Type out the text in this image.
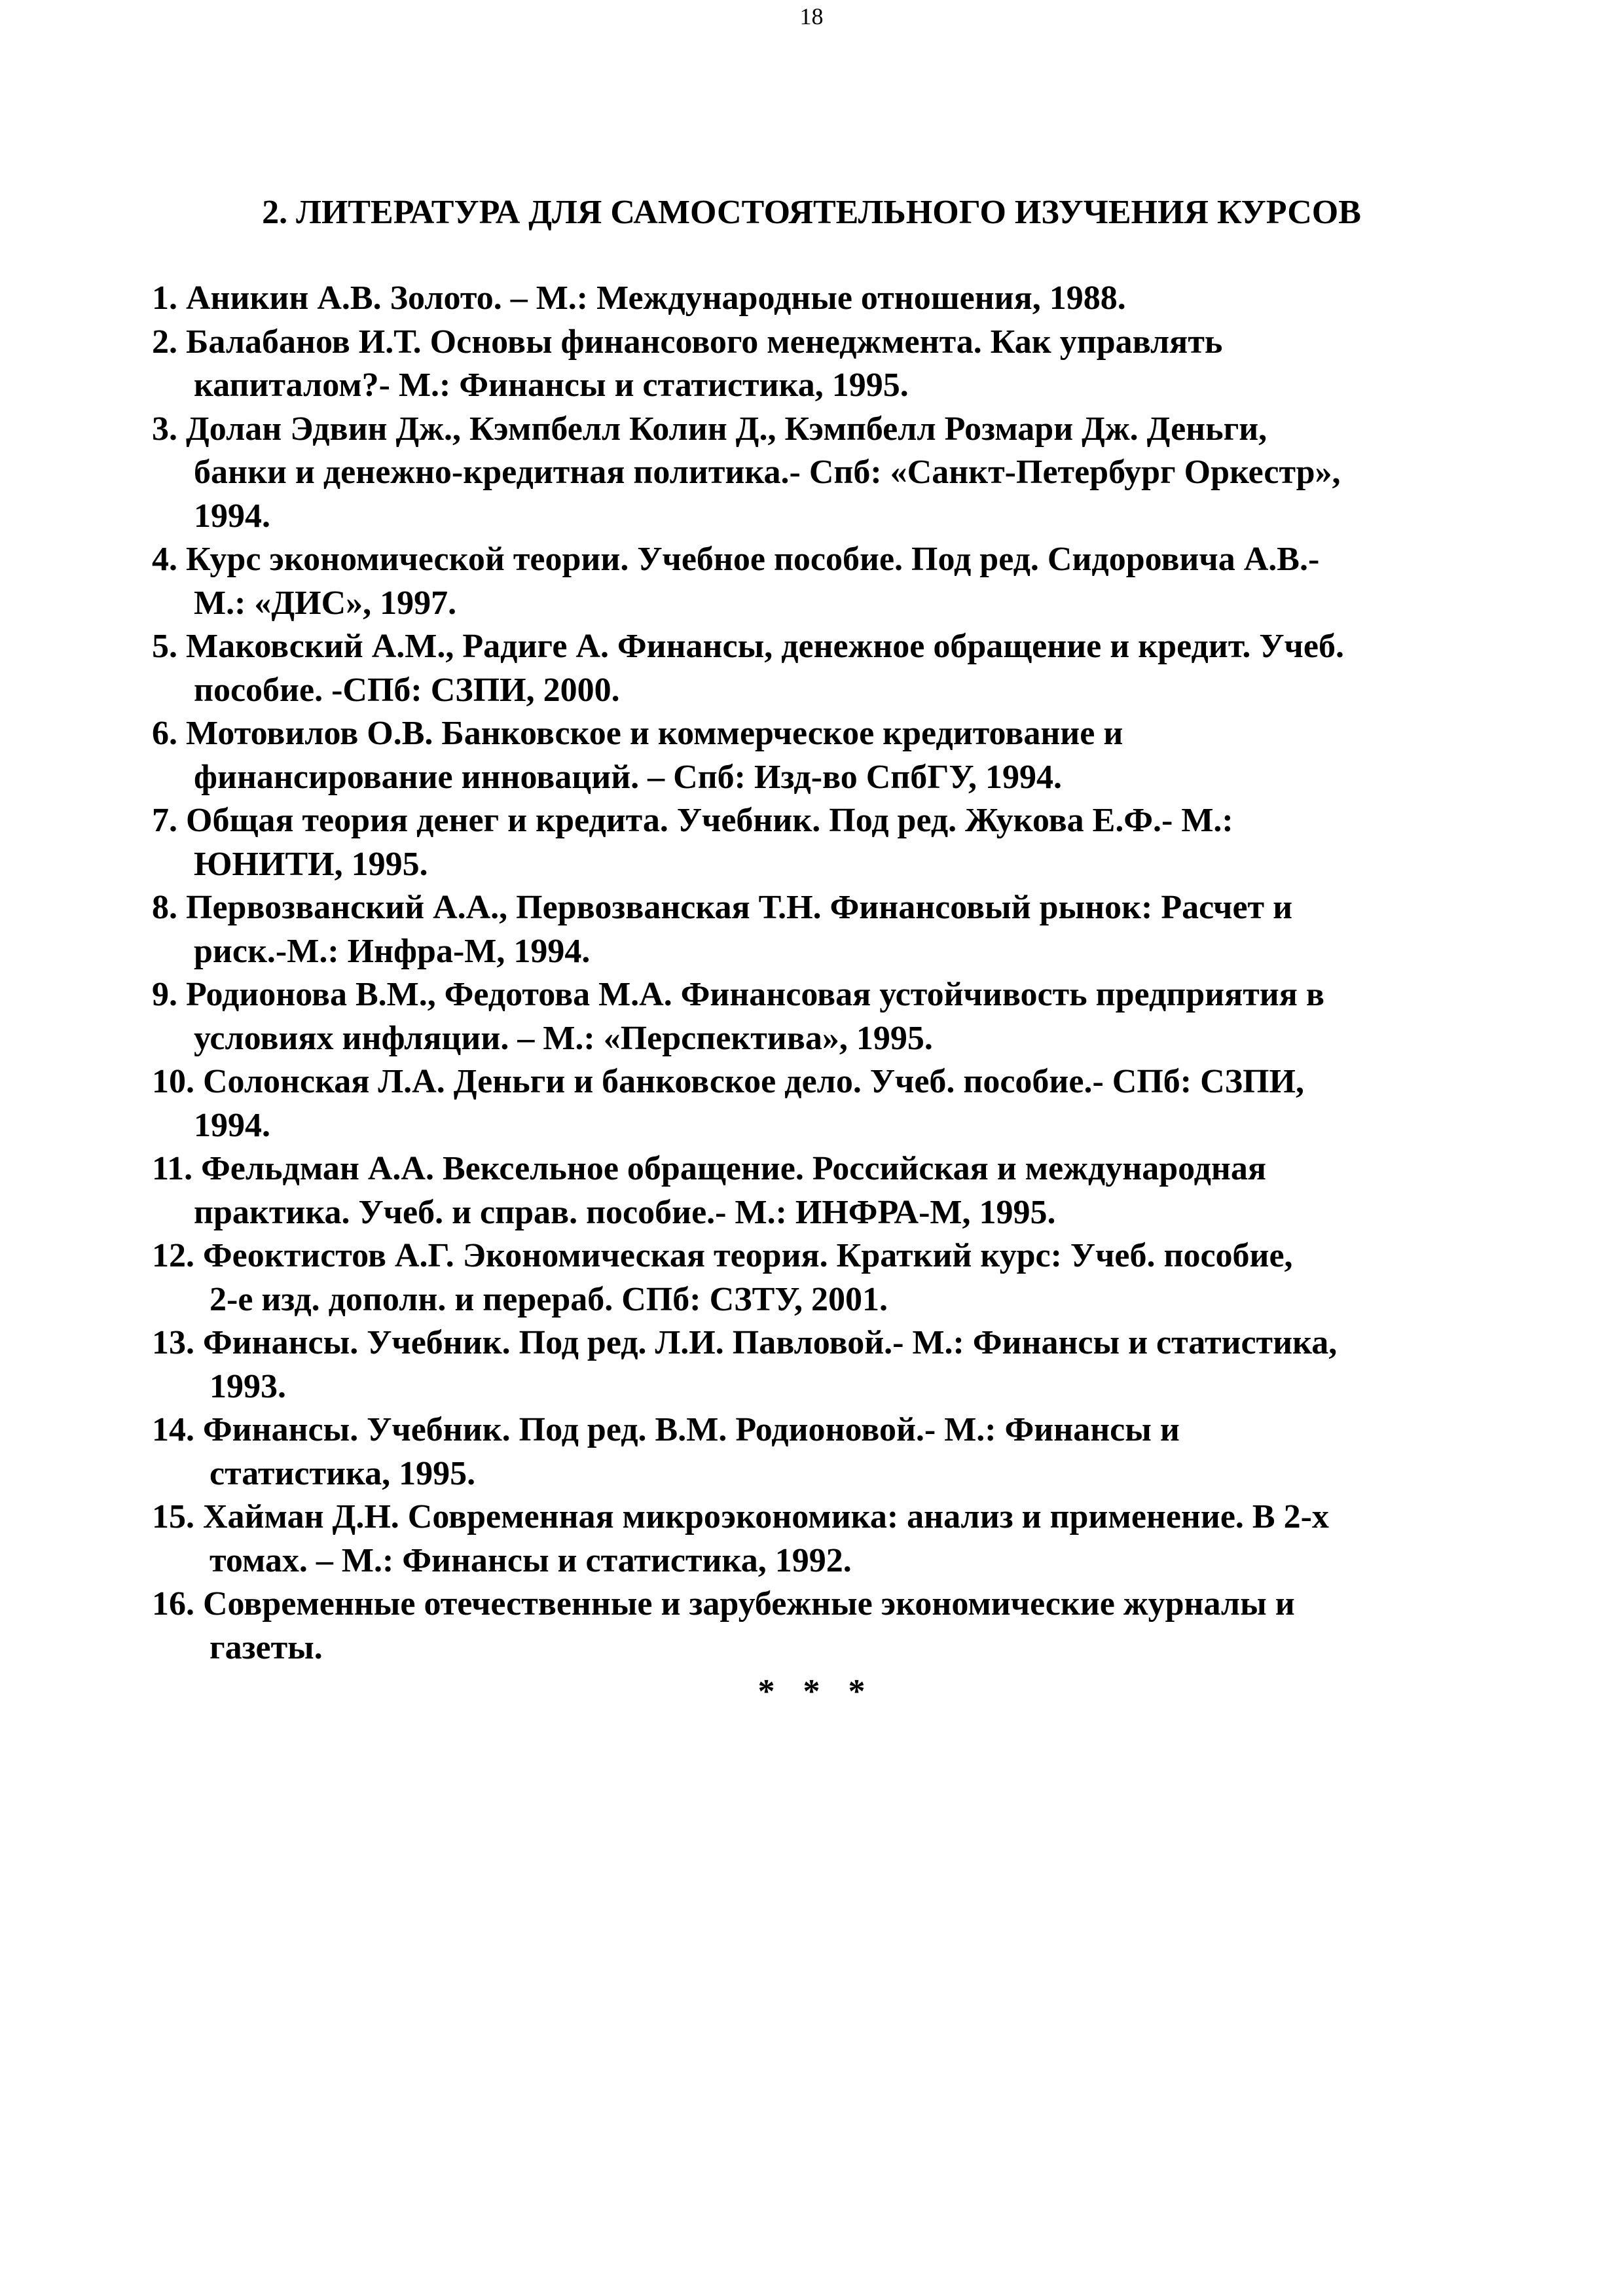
18
2. ЛИТЕРАТУРА ДЛЯ САМОСТОЯТЕЛЬНОГО ИЗУЧЕНИЯ КУРСОВ
1. Аникин А.В. Золото. – М.: Международные отношения, 1988.
2. Балабанов И.Т. Основы финансового менеджмента. Как управлять
капиталом?- М.: Финансы и статистика, 1995.
3. Долан Эдвин Дж., Кэмпбелл Колин Д., Кэмпбелл Розмари Дж. Деньги,
банки и денежно-кредитная политика.- Спб: «Санкт-Петербург Оркестр»,
1994.
4. Курс экономической теории. Учебное пособие. Под ред. Сидоровича А.В.-
М.: «ДИС», 1997.
5. Маковский А.М., Радиге А. Финансы, денежное обращение и кредит. Учеб.
пособие. -СПб: СЗПИ, 2000.
6. Мотовилов О.В. Банковское и коммерческое кредитование и
финансирование инноваций. – Спб: Изд-во СпбГУ, 1994.
7. Общая теория денег и кредита. Учебник. Под ред. Жукова Е.Ф.- М.:
ЮНИТИ, 1995.
8. Первозванский А.А., Первозванская Т.Н. Финансовый рынок: Расчет и
риск.-М.: Инфра-М, 1994.
9. Родионова В.М., Федотова М.А. Финансовая устойчивость предприятия в
условиях инфляции. – М.: «Перспектива», 1995.
10. Солонская Л.А. Деньги и банковское дело. Учеб. пособие.- СПб: СЗПИ,
1994.
11. Фельдман А.А. Вексельное обращение. Российская и международная
практика. Учеб. и справ. пособие.- М.: ИНФРА-М, 1995.
12. Феоктистов А.Г. Экономическая теория. Краткий курс: Учеб. пособие,
2-е изд. дополн. и перераб. СПб: СЗТУ, 2001.
13. Финансы. Учебник. Под ред. Л.И. Павловой.- М.: Финансы и статистика,
1993.
14. Финансы. Учебник. Под ред. В.М. Родионовой.- М.: Финансы и
статистика, 1995.
15. Хайман Д.Н. Современная микроэкономика: анализ и применение. В 2-х
томах. – М.: Финансы и статистика, 1992.
16. Современные отечественные и зарубежные экономические журналы и
газеты.
* * *
